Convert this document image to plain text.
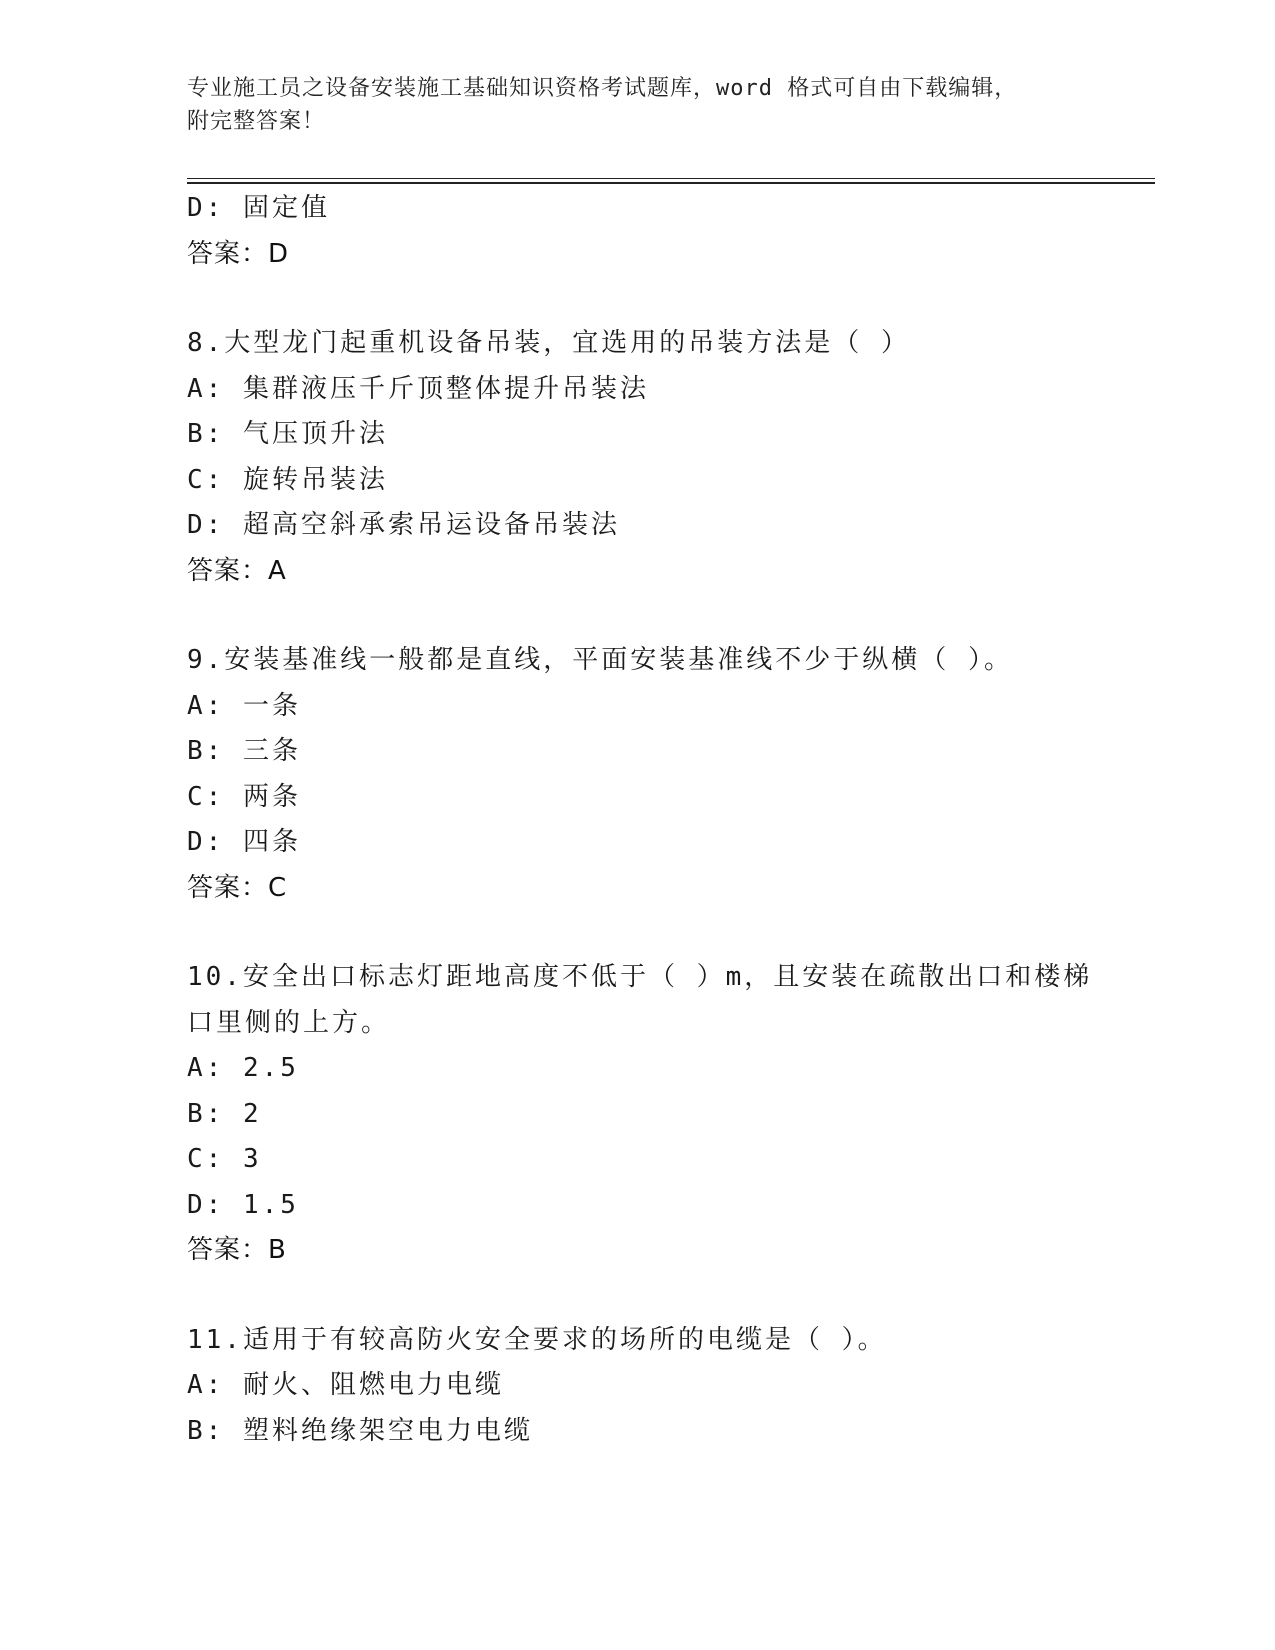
专业施工员之设备安装施工基础知识资格考试题库，word 格式可自由下载编辑，
附完整答案！
D: 固定值
答案：D
8.大型龙门起重机设备吊装，宜选用的吊装方法是（ ）
A: 集群液压千斤顶整体提升吊装法
B: 气压顶升法
C: 旋转吊装法
D: 超高空斜承索吊运设备吊装法
答案：A
9.安装基准线一般都是直线，平面安装基准线不少于纵横（ ）。
A: 一条
B: 三条
C: 两条
D: 四条
答案：C
10.安全出口标志灯距地高度不低于（ ）m，且安装在疏散出口和楼梯
口里侧的上方。
A: 2.5
B: 2
C: 3
D: 1.5
答案：B
11.适用于有较高防火安全要求的场所的电缆是（ ）。
A: 耐火、阻燃电力电缆
B: 塑料绝缘架空电力电缆
